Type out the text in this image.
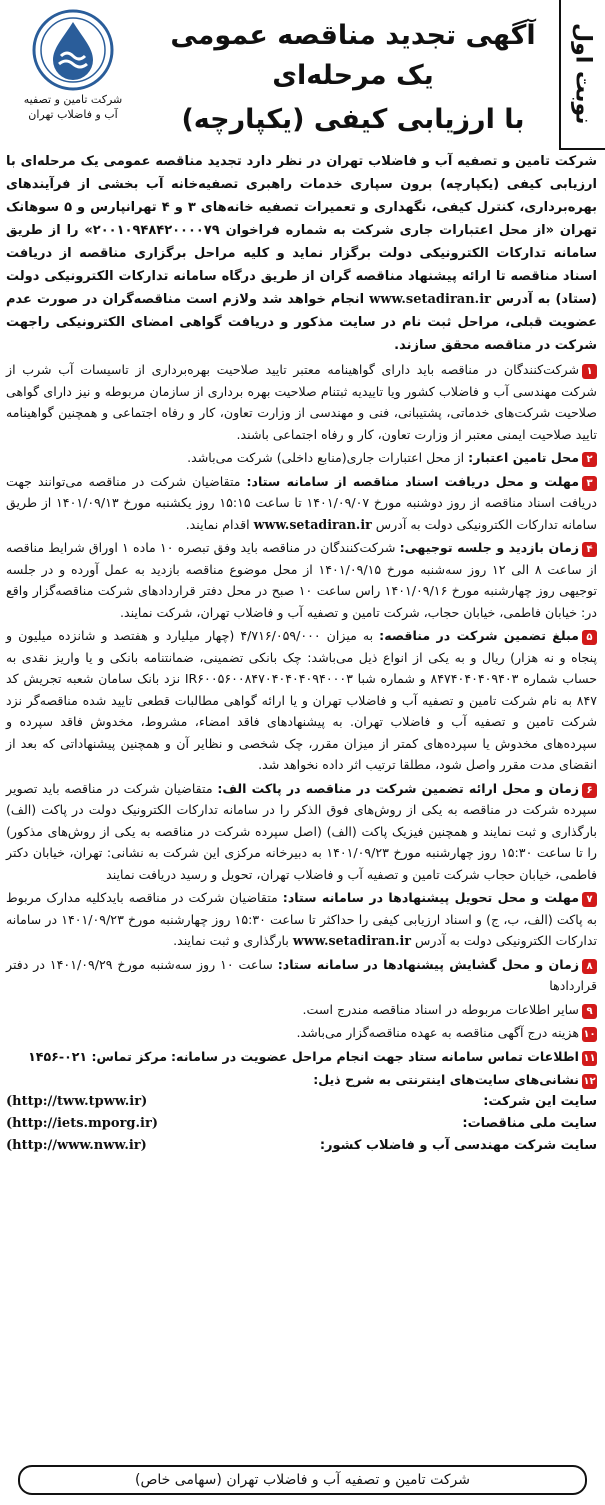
نوبت اول
آگهی تجدید مناقصه عمومی یک مرحله‌ای
با ارزیابی کیفی (یکپارچه)
شرکت تامین و تصفیه
آب و فاضلاب تهران
شرکت تامین و تصفیه آب و فاضلاب تهران در نظر دارد تجدید مناقصه عمومی یک مرحله‌ای با ارزیابی کیفی (یکپارچه) برون سپاری خدمات راهبری تصفیه‌خانه آب بخشی از فرآیندهای بهره‌برداری، کنترل کیفی، نگهداری و تعمیرات تصفیه خانه‌های ۳ و ۴ تهرانپارس و ۵ سوهانک تهران «از محل اعتبارات جاری شرکت به شماره فراخوان ۲۰۰۱۰۹۴۸۴۲۰۰۰۰۷۹» را از طریق سامانه تدارکات الکترونیکی دولت برگزار نماید و کلیه مراحل برگزاری مناقصه از دریافت اسناد مناقصه تا ارائه پیشنهاد مناقصه گران از طریق درگاه سامانه تدارکات الکترونیکی دولت (ستاد) به آدرس www.setadiran.ir انجام خواهد شد ولازم است مناقصه‌گران در صورت عدم عضویت قبلی، مراحل ثبت نام در سایت مذکور و دریافت گواهی امضای الکترونیکی راجهت شرکت در مناقصه محقق سازند.
۱شرکت‌کنندگان در مناقصه باید دارای گواهینامه معتبر تایید صلاحیت بهره‌برداری از تاسیسات آب شرب از شرکت مهندسی آب و فاضلاب کشور ویا تاییدیه ثبتنام صلاحیت بهره برداری از سازمان مربوطه و نیز دارای گواهی صلاحیت شرکت‌های خدماتی، پشتیبانی، فنی و مهندسی از وزارت تعاون، کار و رفاه اجتماعی و همچنین گواهینامه تایید صلاحیت ایمنی معتبر از وزارت تعاون، کار و رفاه اجتماعی باشند.
۲محل تامین اعتبار: از محل اعتبارات جاری(منابع داخلی) شرکت می‌باشد.
۳مهلت و محل دریافت اسناد مناقصه از سامانه ستاد: متقاضیان شرکت در مناقصه می‌توانند جهت دریافت اسناد مناقصه از روز دوشنبه مورخ ۱۴۰۱/۰۹/۰۷ تا ساعت ۱۵:۱۵ روز یکشنبه مورخ ۱۴۰۱/۰۹/۱۳ از طریق سامانه تدارکات الکترونیکی دولت به آدرس www.setadiran.ir اقدام نمایند.
۴زمان بازدید و جلسه توجیهی: شرکت‌کنندگان در مناقصه باید وفق تبصره ۱۰ ماده ۱ اوراق شرایط مناقصه از ساعت ۸ الی ۱۲ روز سه‌شنبه مورخ ۱۴۰۱/۰۹/۱۵ از محل موضوع مناقصه بازدید به عمل آورده و در جلسه توجیهی روز چهارشنبه مورخ ۱۴۰۱/۰۹/۱۶ راس ساعت ۱۰ صبح در محل دفتر قراردادهای شرکت مناقصه‌گزار واقع در: خیابان فاطمی، خیابان حجاب، شرکت تامین و تصفیه آب و فاضلاب تهران، شرکت نمایند.
۵مبلغ تضمین شرکت در مناقصه: به میزان ۴/۷۱۶/۰۵۹/۰۰۰ (چهار میلیارد و هفتصد و شانزده میلیون و پنجاه و نه هزار) ریال و به یکی از انواع ذیل می‌باشد: چک بانکی تضمینی، ضمانتنامه بانکی و یا واریز نقدی به حساب شماره ۸۴۷۴۰۴۰۴۰۹۴۰۳ و شماره شبا IR۶۰۰۵۶۰۰۸۴۷۰۴۰۴۰۴۰۹۴۰۰۰۳ نزد بانک سامان شعبه تجریش کد ۸۴۷ به نام شرکت تامین و تصفیه آب و فاضلاب تهران و یا ارائه گواهی مطالبات قطعی تایید شده مناقصه‌گر نزد شرکت تامین و تصفیه آب و فاضلاب تهران. به پیشنهادهای فاقد امضاء، مشروط، مخدوش فاقد سپرده و سپرده‌های مخدوش یا سپرده‌های کمتر از میزان مقرر، چک شخصی و نظایر آن و همچنین پیشنهاداتی که بعد از انقضای مدت مقرر واصل شود، مطلقا ترتیب اثر داده نخواهد شد.
۶زمان و محل ارائه تضمین شرکت در مناقصه در پاکت الف: متقاضیان شرکت در مناقصه باید تصویر سپرده شرکت در مناقصه به یکی از روش‌های فوق الذکر را در سامانه تدارکات الکترونیک دولت در پاکت (الف) بارگذاری و ثبت نمایند و همچنین فیزیک پاکت (الف) (اصل سپرده شرکت در مناقصه به یکی از روش‌های مذکور) را تا ساعت ۱۵:۳۰ روز چهارشنبه مورخ ۱۴۰۱/۰۹/۲۳ به دبیرخانه مرکزی این شرکت به نشانی: تهران، خیابان دکتر فاطمی، خیابان حجاب شرکت تامین و تصفیه آب و فاضلاب تهران، تحویل و رسید دریافت نمایند
۷مهلت و محل تحویل پیشنهادها در سامانه ستاد: متقاضیان شرکت در مناقصه بایدکلیه مدارک مربوط به پاکت (الف، ب، ج) و اسناد ارزیابی کیفی را حداکثر تا ساعت ۱۵:۳۰ روز چهارشنبه مورخ ۱۴۰۱/۰۹/۲۳ در سامانه تدارکات الکترونیکی دولت به آدرس www.setadiran.ir بارگذاری و ثبت نمایند.
۸زمان و محل گشایش پیشنهادها در سامانه ستاد: ساعت ۱۰ روز سه‌شنبه مورخ ۱۴۰۱/۰۹/۲۹ در دفتر قراردادها
۹سایر اطلاعات مربوطه در اسناد مناقصه مندرج است.
۱۰هزینه درج آگهی مناقصه به عهده مناقصه‌گزار می‌باشد.
۱۱اطلاعات تماس سامانه ستاد جهت انجام مراحل عضویت در سامانه: مرکز تماس: ۰۲۱-۱۴۵۶
۱۲نشانی‌های سایت‌های اینترنتی به شرح ذیل:
سایت این شرکت:
(http://tww.tpww.ir)
سایت ملی مناقصات:
(http://iets.mporg.ir)
سایت شرکت مهندسی آب و فاضلاب کشور:
(http://www.nww.ir)
شرکت تامین و تصفیه آب و فاضلاب تهران (سهامی خاص)
